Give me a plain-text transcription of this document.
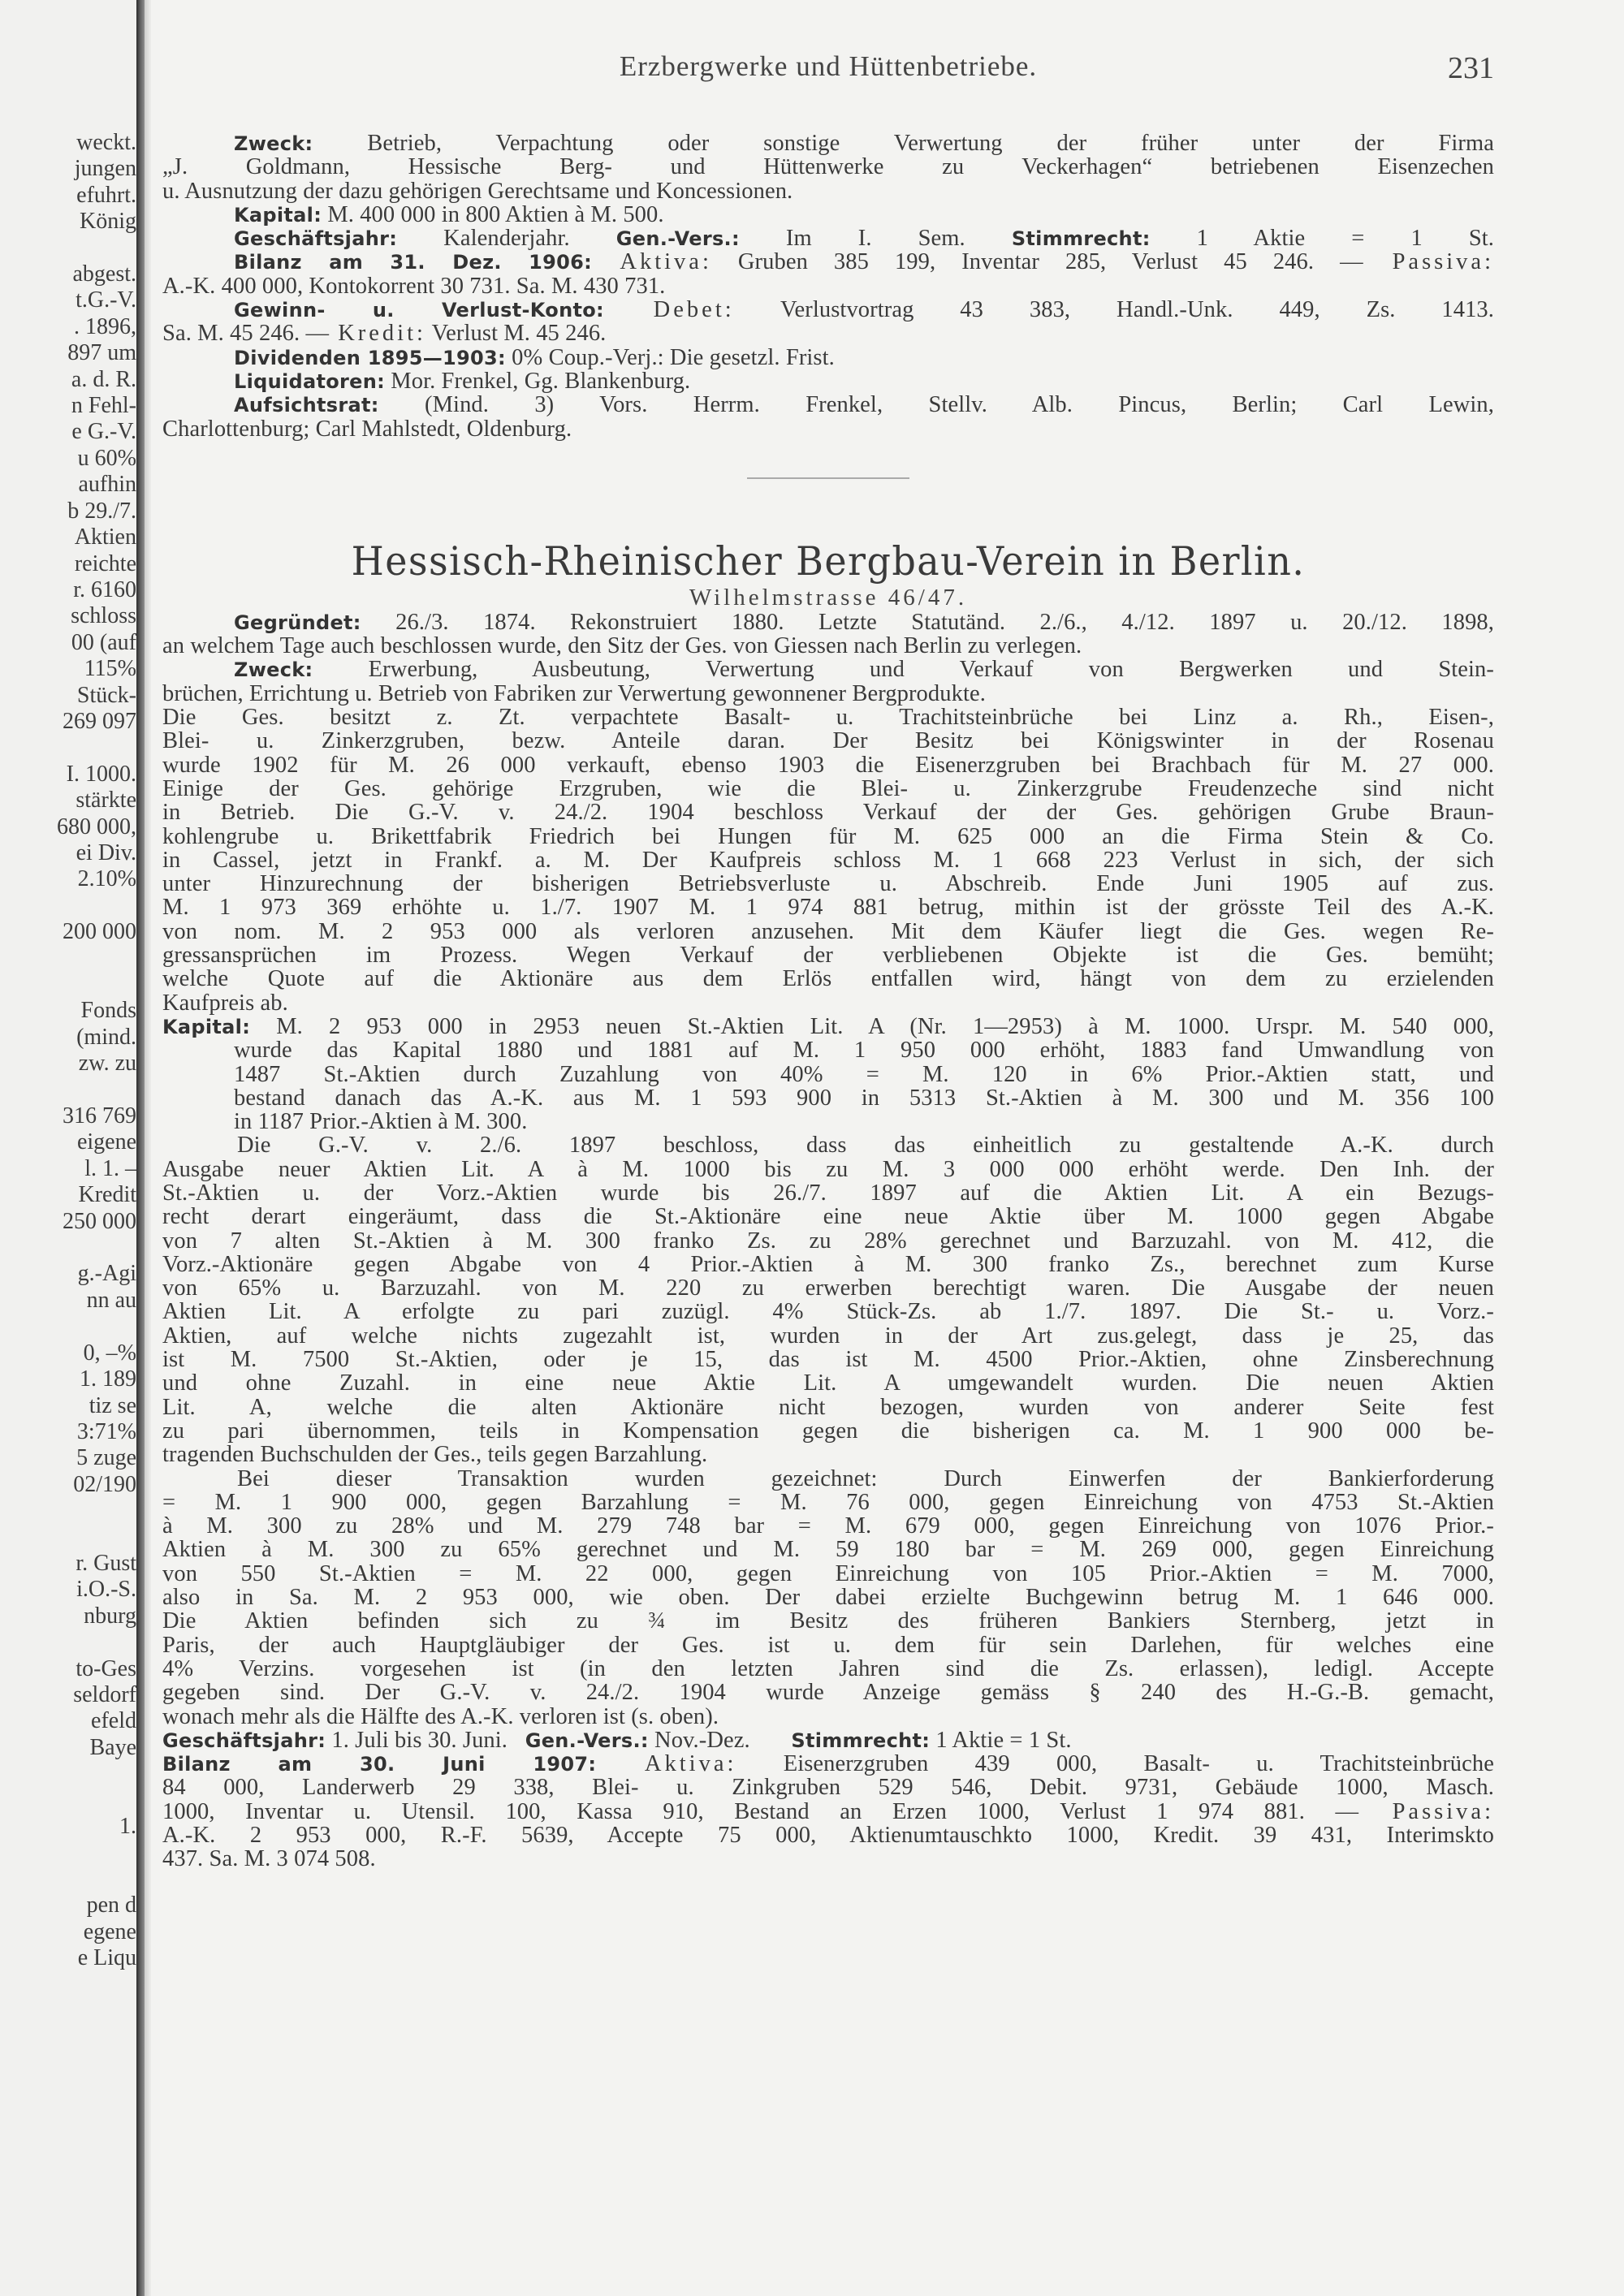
weckt.
jungen
efuhrt.
König

abgest.
t.G.-V.
. 1896,
897 um
a. d. R.
n Fehl-
e G.-V.
u 60%
aufhin
b 29./7.
Aktien
reichte
r. 6160
schloss
00 (auf
115%
Stück-
269 097

I. 1000.
stärkte
680 000,
ei Div.
2.10%

200 000

Fonds
(mind.
zw. zu

316 769
eigene
l. 1. –
Kredit
250 000

g.-Agi
nn au

0, –%
1. 189
tiz se
3:71%
5 zuge
02/190

r. Gust
i.O.-S.
nburg

to-Ges
seldorf
efeld
Baye

1.

pen d
egene
e Liqu
Erzbergwerke und Hüttenbetriebe.	231
Zweck: Betrieb, Verpachtung oder sonstige Verwertung der früher unter der Firma
„J. Goldmann, Hessische Berg- und Hüttenwerke zu Veckerhagen“ betriebenen Eisenzechen
u. Ausnutzung der dazu gehörigen Gerechtsame und Koncessionen.
Kapital: M. 400 000 in 800 Aktien à M. 500.
Geschäftsjahr: Kalenderjahr. Gen.-Vers.: Im I. Sem. Stimmrecht: 1 Aktie = 1 St.
Bilanz am 31. Dez. 1906: Aktiva: Gruben 385 199, Inventar 285, Verlust 45 246. — Passiva:
A.-K. 400 000, Kontokorrent 30 731. Sa. M. 430 731.
Gewinn- u. Verlust-Konto: Debet: Verlustvortrag 43 383, Handl.-Unk. 449, Zs. 1413.
Sa. M. 45 246. — Kredit: Verlust M. 45 246.
Dividenden 1895—1903: 0% Coup.-Verj.: Die gesetzl. Frist.
Liquidatoren: Mor. Frenkel, Gg. Blankenburg.
Aufsichtsrat: (Mind. 3) Vors. Herrm. Frenkel, Stellv. Alb. Pincus, Berlin; Carl Lewin,
Charlottenburg; Carl Mahlstedt, Oldenburg.
Hessisch-Rheinischer Bergbau-Verein in Berlin.
Wilhelmstrasse 46/47.
Gegründet: 26./3. 1874. Rekonstruiert 1880. Letzte Statutänd. 2./6., 4./12. 1897 u. 20./12. 1898,
an welchem Tage auch beschlossen wurde, den Sitz der Ges. von Giessen nach Berlin zu verlegen.
Zweck: Erwerbung, Ausbeutung, Verwertung und Verkauf von Bergwerken und Stein-
brüchen, Errichtung u. Betrieb von Fabriken zur Verwertung gewonnener Bergprodukte.
Die Ges. besitzt z. Zt. verpachtete Basalt- u. Trachitsteinbrüche bei Linz a. Rh., Eisen-,
Blei- u. Zinkerzgruben, bezw. Anteile daran. Der Besitz bei Königswinter in der Rosenau
wurde 1902 für M. 26 000 verkauft, ebenso 1903 die Eisenerzgruben bei Brachbach für M. 27 000.
Einige der Ges. gehörige Erzgruben, wie die Blei- u. Zinkerzgrube Freudenzeche sind nicht
in Betrieb. Die G.-V. v. 24./2. 1904 beschloss Verkauf der der Ges. gehörigen Grube Braun-
kohlengrube u. Brikettfabrik Friedrich bei Hungen für M. 625 000 an die Firma Stein & Co.
in Cassel, jetzt in Frankf. a. M. Der Kaufpreis schloss M. 1 668 223 Verlust in sich, der sich
unter Hinzurechnung der bisherigen Betriebsverluste u. Abschreib. Ende Juni 1905 auf zus.
M. 1 973 369 erhöhte u. 1./7. 1907 M. 1 974 881 betrug, mithin ist der grösste Teil des A.-K.
von nom. M. 2 953 000 als verloren anzusehen. Mit dem Käufer liegt die Ges. wegen Re-
gressansprüchen im Prozess. Wegen Verkauf der verbliebenen Objekte ist die Ges. bemüht;
welche Quote auf die Aktionäre aus dem Erlös entfallen wird, hängt von dem zu erzielenden
Kaufpreis ab.
Kapital: M. 2 953 000 in 2953 neuen St.-Aktien Lit. A (Nr. 1—2953) à M. 1000. Urspr. M. 540 000,
wurde das Kapital 1880 und 1881 auf M. 1 950 000 erhöht, 1883 fand Umwandlung von
1487 St.-Aktien durch Zuzahlung von 40% = M. 120 in 6% Prior.-Aktien statt, und
bestand danach das A.-K. aus M. 1 593 900 in 5313 St.-Aktien à M. 300 und M. 356 100
in 1187 Prior.-Aktien à M. 300.
Die G.-V. v. 2./6. 1897 beschloss, dass das einheitlich zu gestaltende A.-K. durch
Ausgabe neuer Aktien Lit. A à M. 1000 bis zu M. 3 000 000 erhöht werde. Den Inh. der
St.-Aktien u. der Vorz.-Aktien wurde bis 26./7. 1897 auf die Aktien Lit. A ein Bezugs-
recht derart eingeräumt, dass die St.-Aktionäre eine neue Aktie über M. 1000 gegen Abgabe
von 7 alten St.-Aktien à M. 300 franko Zs. zu 28% gerechnet und Barzuzahl. von M. 412, die
Vorz.-Aktionäre gegen Abgabe von 4 Prior.-Aktien à M. 300 franko Zs., berechnet zum Kurse
von 65% u. Barzuzahl. von M. 220 zu erwerben berechtigt waren. Die Ausgabe der neuen
Aktien Lit. A erfolgte zu pari zuzügl. 4% Stück-Zs. ab 1./7. 1897. Die St.- u. Vorz.-
Aktien, auf welche nichts zugezahlt ist, wurden in der Art zus.gelegt, dass je 25, das
ist M. 7500 St.-Aktien, oder je 15, das ist M. 4500 Prior.-Aktien, ohne Zinsberechnung
und ohne Zuzahl. in eine neue Aktie Lit. A umgewandelt wurden. Die neuen Aktien
Lit. A, welche die alten Aktionäre nicht bezogen, wurden von anderer Seite fest
zu pari übernommen, teils in Kompensation gegen die bisherigen ca. M. 1 900 000 be-
tragenden Buchschulden der Ges., teils gegen Barzahlung.
Bei dieser Transaktion wurden gezeichnet: Durch Einwerfen der Bankierforderung
= M. 1 900 000, gegen Barzahlung = M. 76 000, gegen Einreichung von 4753 St.-Aktien
à M. 300 zu 28% und M. 279 748 bar = M. 679 000, gegen Einreichung von 1076 Prior.-
Aktien à M. 300 zu 65% gerechnet und M. 59 180 bar = M. 269 000, gegen Einreichung
von 550 St.-Aktien = M. 22 000, gegen Einreichung von 105 Prior.-Aktien = M. 7000,
also in Sa. M. 2 953 000, wie oben. Der dabei erzielte Buchgewinn betrug M. 1 646 000.
Die Aktien befinden sich zu ¾ im Besitz des früheren Bankiers Sternberg, jetzt in
Paris, der auch Hauptgläubiger der Ges. ist u. dem für sein Darlehen, für welches eine
4% Verzins. vorgesehen ist (in den letzten Jahren sind die Zs. erlassen), ledigl. Accepte
gegeben sind. Der G.-V. v. 24./2. 1904 wurde Anzeige gemäss § 240 des H.-G.-B. gemacht,
wonach mehr als die Hälfte des A.-K. verloren ist (s. oben).
Geschäftsjahr: 1. Juli bis 30. Juni. Gen.-Vers.: Nov.-Dez. Stimmrecht: 1 Aktie = 1 St.
Bilanz am 30. Juni 1907: Aktiva: Eisenerzgruben 439 000, Basalt- u. Trachitsteinbrüche
84 000, Landerwerb 29 338, Blei- u. Zinkgruben 529 546, Debit. 9731, Gebäude 1000, Masch.
1000, Inventar u. Utensil. 100, Kassa 910, Bestand an Erzen 1000, Verlust 1 974 881. — Passiva:
A.-K. 2 953 000, R.-F. 5639, Accepte 75 000, Aktienumtauschkto 1000, Kredit. 39 431, Interimskto
437. Sa. M. 3 074 508.
